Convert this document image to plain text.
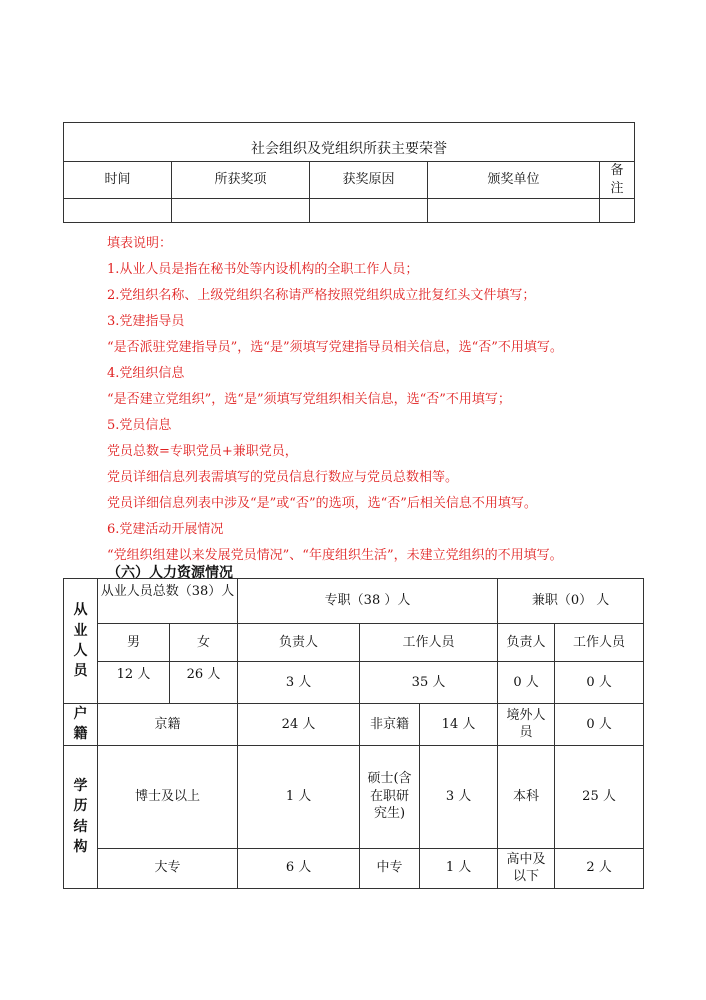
社会组织及党组织所获主要荣誉				
时间	所获奖项	获奖原因	颁奖单位	备注

填表说明：
1.从业人员是指在秘书处等内设机构的全职工作人员；
2.党组织名称、上级党组织名称请严格按照党组织成立批复红头文件填写；
3.党建指导员
“是否派驻党建指导员”，选“是”须填写党建指导员相关信息，选“否”不用填写。
4.党组织信息
“是否建立党组织”，选“是”须填写党组织相关信息，选“否”不用填写；
5.党员信息
党员总数=专职党员+兼职党员，
党员详细信息列表需填写的党员信息行数应与党员总数相等。
党员详细信息列表中涉及“是”或“否”的选项，选“否”后相关信息不用填写。
6.党建活动开展情况
“党组织组建以来发展党员情况”、“年度组织生活”，未建立党组织的不用填写。
（六）人力资源情况
从业人员	从业人员总数（38）人		专职（38 ）人			兼职（0） 人	
	男	女	负责人	工作人员		负责人	工作人员
	12 人	26 人	3 人	35 人		0 人	0 人
户籍	京籍		24 人	非京籍	14 人	境外人员	0 人
学历结构	博士及以上		1 人	硕士(含在职研究生)	3 人	本科	25 人
	大专		6 人	中专	1 人	高中及以下	2 人
